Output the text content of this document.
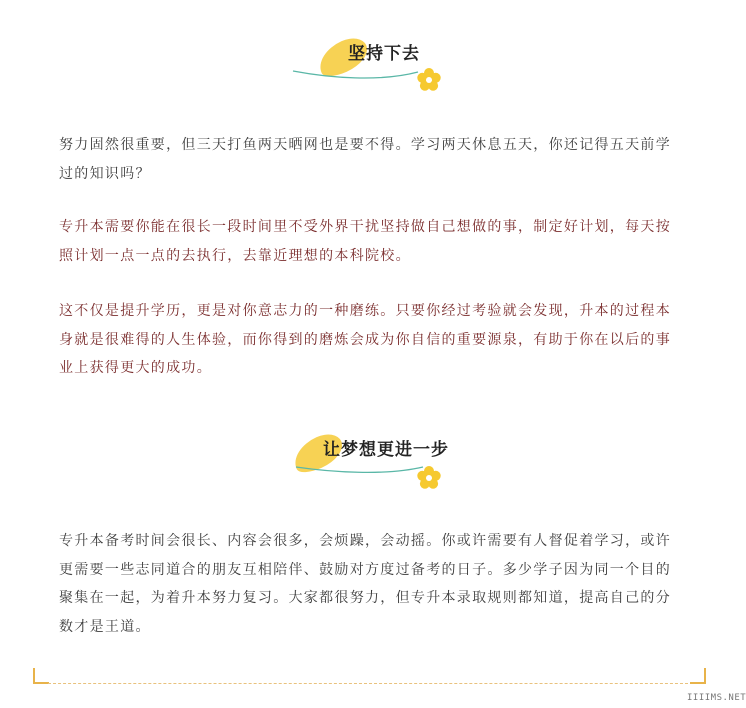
坚持下去

努力固然很重要，但三天打鱼两天晒网也是要不得。学习两天休息五天，你还记得五天前学过的知识吗？

专升本需要你能在很长一段时间里不受外界干扰坚持做自己想做的事，制定好计划，每天按照计划一点一点的去执行，去靠近理想的本科院校。

这不仅是提升学历，更是对你意志力的一种磨练。只要你经过考验就会发现，升本的过程本身就是很难得的人生体验，而你得到的磨炼会成为你自信的重要源泉，有助于你在以后的事业上获得更大的成功。

让梦想更进一步

专升本备考时间会很长、内容会很多，会烦躁，会动摇。你或许需要有人督促着学习，或许更需要一些志同道合的朋友互相陪伴、鼓励对方度过备考的日子。多少学子因为同一个目的聚集在一起，为着升本努力复习。大家都很努力，但专升本录取规则都知道，提高自己的分数才是王道。

IIIIMS.NET
